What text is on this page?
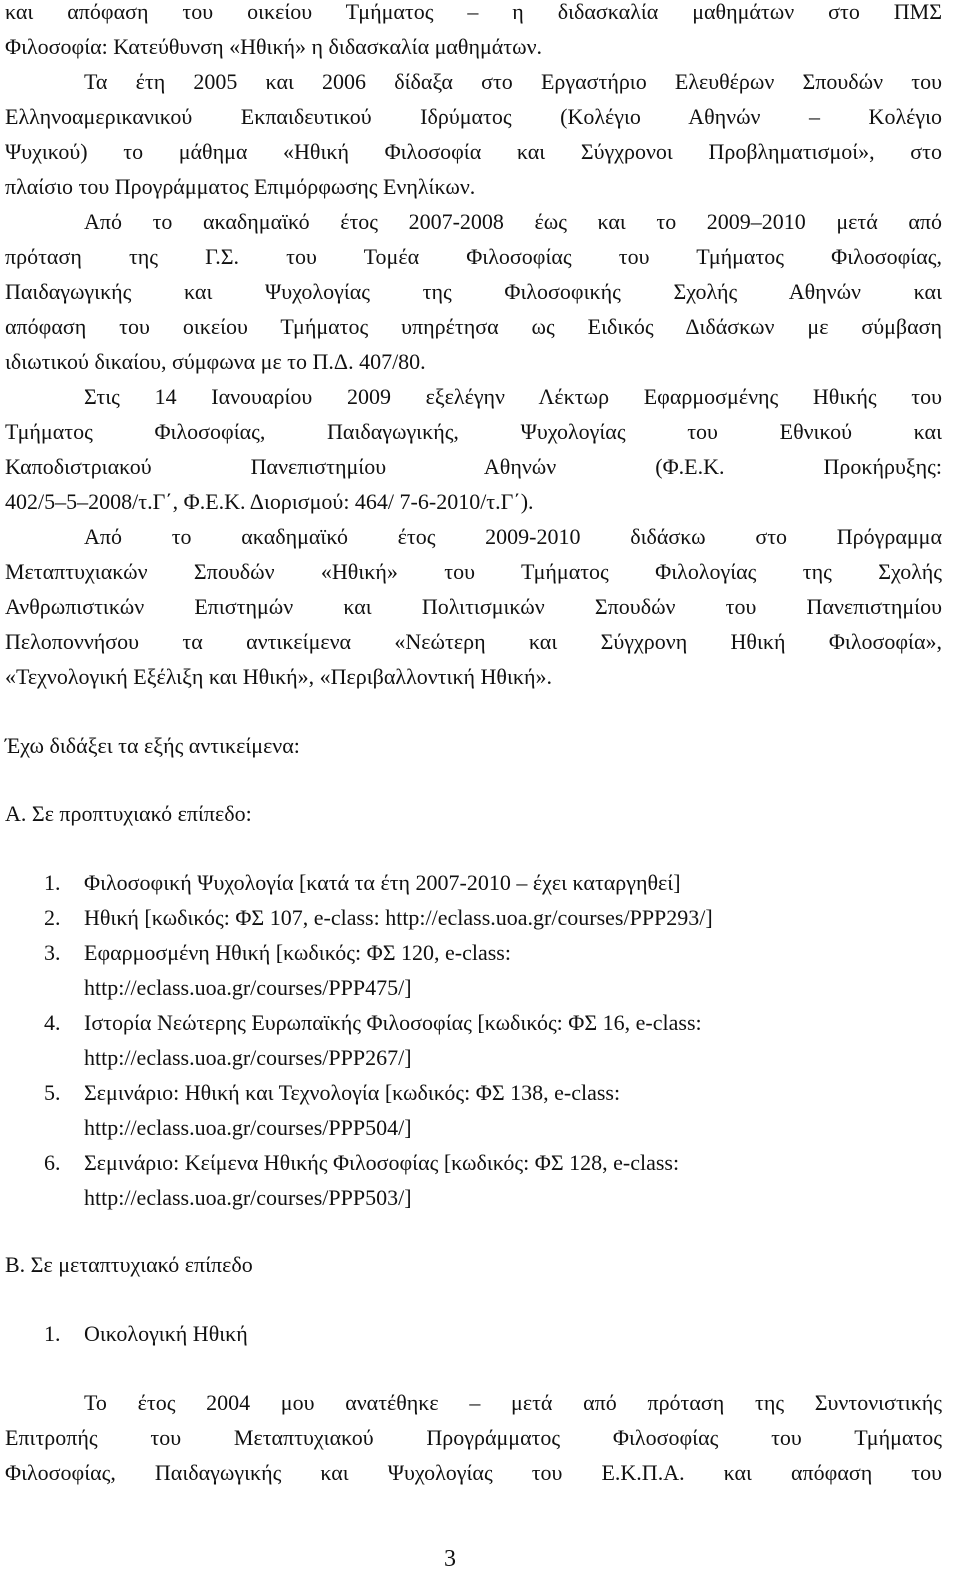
και απόφαση του οικείου Τμήματος – η διδασκαλία μαθημάτων στο ΠΜΣ
Φιλοσοφία: Κατεύθυνση «Ηθική» η διδασκαλία μαθημάτων.
Τα έτη 2005 και 2006 δίδαξα στο Εργαστήριο Ελευθέρων Σπουδών του
Ελληνοαμερικανικού Εκπαιδευτικού Ιδρύματος (Κολέγιο Αθηνών – Κολέγιο
Ψυχικού) το μάθημα «Ηθική Φιλοσοφία και Σύγχρονοι Προβληματισμοί», στο
πλαίσιο του Προγράμματος Επιμόρφωσης Ενηλίκων.
Από το ακαδημαϊκό έτος 2007-2008 έως και το 2009–2010 μετά από
πρόταση της Γ.Σ. του Τομέα Φιλοσοφίας του Τμήματος Φιλοσοφίας,
Παιδαγωγικής και Ψυχολογίας της Φιλοσοφικής Σχολής Αθηνών και
απόφαση του οικείου Τμήματος υπηρέτησα ως Ειδικός Διδάσκων με σύμβαση
ιδιωτικού δικαίου, σύμφωνα με το Π.Δ. 407/80.
Στις 14 Ιανουαρίου 2009 εξελέγην Λέκτωρ Εφαρμοσμένης Ηθικής του
Τμήματος Φιλοσοφίας, Παιδαγωγικής, Ψυχολογίας του Εθνικού και
Καποδιστριακού Πανεπιστημίου Αθηνών (Φ.Ε.Κ. Προκήρυξης:
402/5–5–2008/τ.Γ΄, Φ.Ε.Κ. Διορισμού: 464/ 7-6-2010/τ.Γ΄).
Από το ακαδημαϊκό έτος 2009-2010 διδάσκω στο Πρόγραμμα
Μεταπτυχιακών Σπουδών «Ηθική» του Τμήματος Φιλολογίας της Σχολής
Ανθρωπιστικών Επιστημών και Πολιτισμικών Σπουδών του Πανεπιστημίου
Πελοποννήσου τα αντικείμενα «Νεώτερη και Σύγχρονη Ηθική Φιλοσοφία»,
«Τεχνολογική Εξέλιξη και Ηθική», «Περιβαλλοντική Ηθική».
Έχω διδάξει τα εξής αντικείμενα:
Α. Σε προπτυχιακό επίπεδο:
1. Φιλοσοφική Ψυχολογία [κατά τα έτη 2007-2010 – έχει καταργηθεί]
2. Ηθική [κωδικός: ΦΣ 107, e-class: http://eclass.uoa.gr/courses/PPP293/]
3. Εφαρμοσμένη Ηθική [κωδικός: ΦΣ 120, e-class:
http://eclass.uoa.gr/courses/PPP475/]
4. Ιστορία Νεώτερης Ευρωπαϊκής Φιλοσοφίας [κωδικός: ΦΣ 16, e-class:
http://eclass.uoa.gr/courses/PPP267/]
5. Σεμινάριο: Ηθική και Τεχνολογία [κωδικός: ΦΣ 138, e-class:
http://eclass.uoa.gr/courses/PPP504/]
6. Σεμινάριο: Κείμενα Ηθικής Φιλοσοφίας [κωδικός: ΦΣ 128, e-class:
http://eclass.uoa.gr/courses/PPP503/]
Β. Σε μεταπτυχιακό επίπεδο
1. Οικολογική Ηθική
Το έτος 2004 μου ανατέθηκε – μετά από πρόταση της Συντονιστικής
Επιτροπής του Μεταπτυχιακού Προγράμματος Φιλοσοφίας του Τμήματος
Φιλοσοφίας, Παιδαγωγικής και Ψυχολογίας του Ε.Κ.Π.Α. και απόφαση του
3
